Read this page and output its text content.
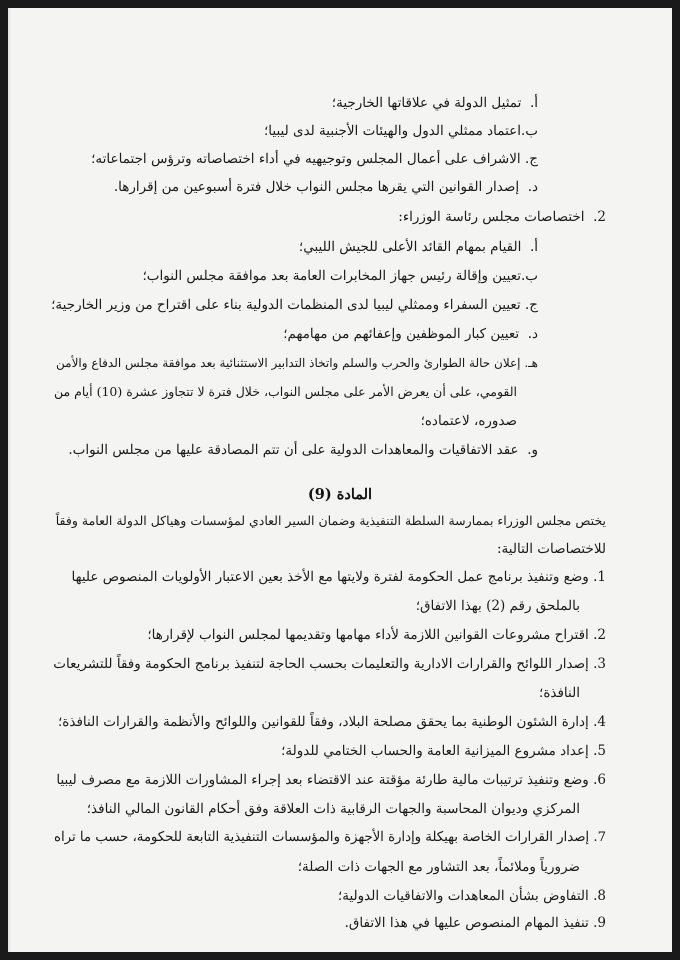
أ.  تمثيل الدولة في علاقاتها الخارجية؛
ب.اعتماد ممثلي الدول والهيئات الأجنبية لدى ليبيا؛
ج. الاشراف على أعمال المجلس وتوجيهيه في أداء اختصاصاته وترؤس اجتماعاته؛
د.  إصدار القوانين التي يقرها مجلس النواب خلال فترة أسبوعين من إقرارها.
2.  اختصاصات مجلس رئاسة الوزراء:
أ.  القيام بمهام القائد الأعلى للجيش الليبي؛
ب.تعيين وإقالة رئيس جهاز المخابرات العامة بعد موافقة مجلس النواب؛
ج. تعيين السفراء وممثلي ليبيا لدى المنظمات الدولية بناء على اقتراح من وزير الخارجية؛
د.  تعيين كبار الموظفين وإعفائهم من مهامهم؛
هـ. إعلان حالة الطوارئ والحرب والسلم واتخاذ التدابير الاستثنائية بعد موافقة مجلس الدفاع والأمن
القومي، على أن يعرض الأمر على مجلس النواب، خلال فترة لا تتجاوز عشرة (10) أيام من
صدوره، لاعتماده؛
و.  عقد الاتفاقيات والمعاهدات الدولية على أن تتم المصادقة عليها من مجلس النواب.
المادة (9)
يختص مجلس الوزراء بممارسة السلطة التنفيذية وضمان السير العادي لمؤسسات وهياكل الدولة العامة وفقاً
للاختصاصات التالية:
1. وضع وتنفيذ برنامج عمل الحكومة لفترة ولايتها مع الأخذ بعين الاعتبار الأولويات المنصوص عليها
بالملحق رقم (2) بهذا الاتفاق؛
2. اقتراح مشروعات القوانين اللازمة لأداء مهامها وتقديمها لمجلس النواب لإقرارها؛
3. إصدار اللوائح والقرارات الادارية والتعليمات بحسب الحاجة لتنفيذ برنامج الحكومة وفقاً للتشريعات
النافذة؛
4. إدارة الشئون الوطنية بما يحقق مصلحة البلاد، وفقاً للقوانين واللوائح والأنظمة والقرارات النافذة؛
5. إعداد مشروع الميزانية العامة والحساب الختامي للدولة؛
6. وضع وتنفيذ ترتيبات مالية طارئة مؤقتة عند الاقتضاء بعد إجراء المشاورات اللازمة مع مصرف ليبيا
المركزي وديوان المحاسبة والجهات الرقابية ذات العلاقة وفق أحكام القانون المالي النافذ؛
7. إصدار القرارات الخاصة بهيكلة وإدارة الأجهزة والمؤسسات التنفيذية التابعة للحكومة، حسب ما تراه
ضرورياً وملائماً، بعد التشاور مع الجهات ذات الصلة؛
8. التفاوض بشأن المعاهدات والاتفاقيات الدولية؛
9. تنفيذ المهام المنصوص عليها في هذا الاتفاق.
